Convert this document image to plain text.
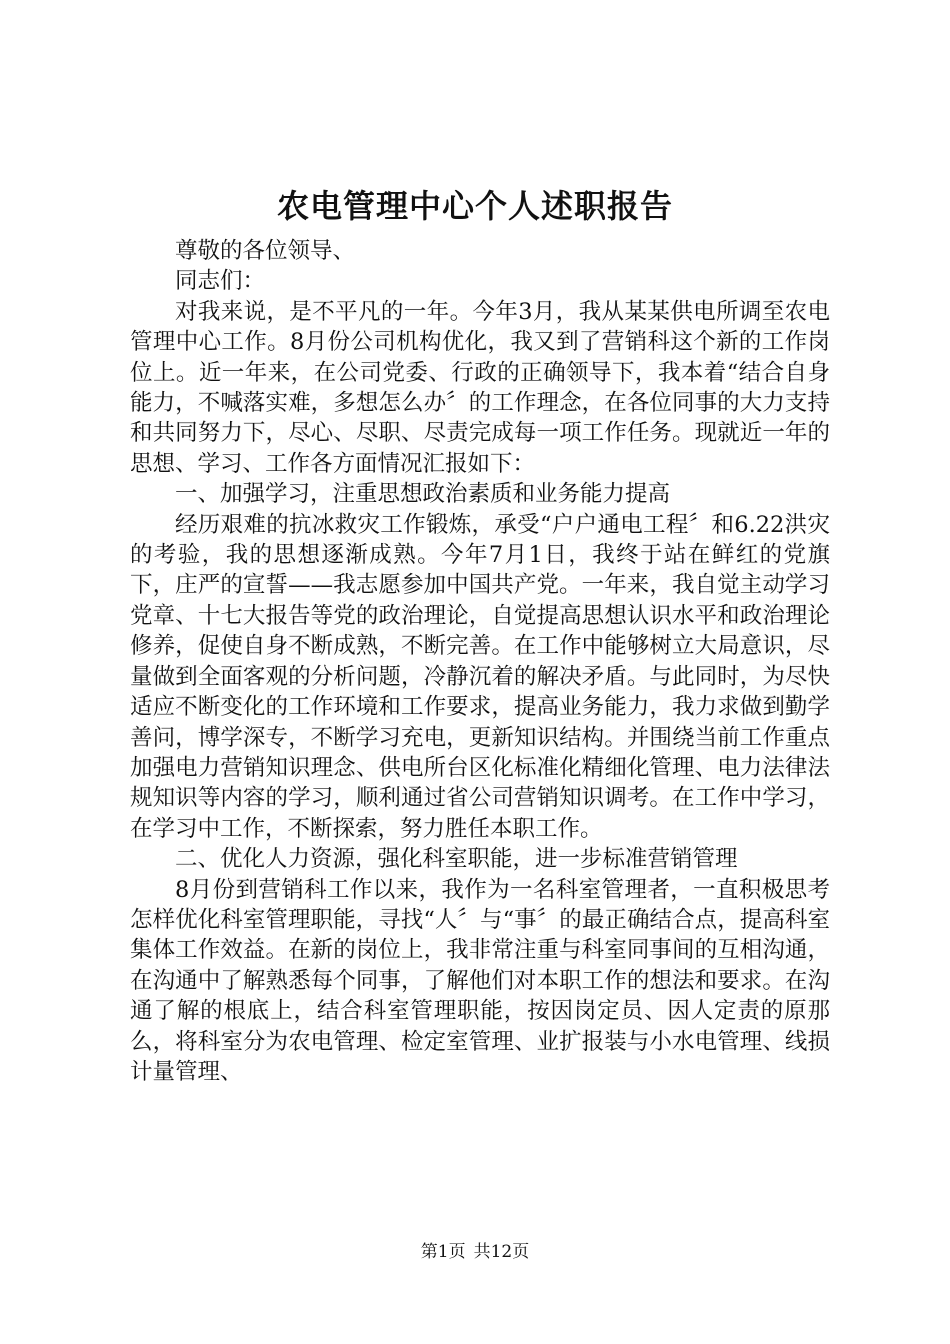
农电管理中心个人述职报告

尊敬的各位领导、

同志们：

对我来说，是不平凡的一年。今年3月，我从某某供电所调至农电管理中心工作。8月份公司机构优化，我又到了营销科这个新的工作岗位上。近一年来，在公司党委、行政的正确领导下，我本着“结合自身能力，不喊落实难，多想怎么办〞的工作理念，在各位同事的大力支持和共同努力下，尽心、尽职、尽责完成每一项工作任务。现就近一年的思想、学习、工作各方面情况汇报如下：

一、加强学习，注重思想政治素质和业务能力提高

经历艰难的抗冰救灾工作锻炼，承受“户户通电工程〞和6.22洪灾的考验，我的思想逐渐成熟。今年7月1日，我终于站在鲜红的党旗下，庄严的宣誓——我志愿参加中国共产党。一年来，我自觉主动学习党章、十七大报告等党的政治理论，自觉提高思想认识水平和政治理论修养，促使自身不断成熟，不断完善。在工作中能够树立大局意识，尽量做到全面客观的分析问题，冷静沉着的解决矛盾。与此同时，为尽快适应不断变化的工作环境和工作要求，提高业务能力，我力求做到勤学善问，博学深专，不断学习充电，更新知识结构。并围绕当前工作重点加强电力营销知识理念、供电所台区化标准化精细化管理、电力法律法规知识等内容的学习，顺利通过省公司营销知识调考。在工作中学习，在学习中工作，不断探索，努力胜任本职工作。

二、优化人力资源，强化科室职能，进一步标准营销管理

8月份到营销科工作以来，我作为一名科室管理者，一直积极思考怎样优化科室管理职能，寻找“人〞与“事〞的最正确结合点，提高科室集体工作效益。在新的岗位上，我非常注重与科室同事间的互相沟通，在沟通中了解熟悉每个同事，了解他们对本职工作的想法和要求。在沟通了解的根底上，结合科室管理职能，按因岗定员、因人定责的原那么，将科室分为农电管理、检定室管理、业扩报装与小水电管理、线损计量管理、

第1页 共12页
